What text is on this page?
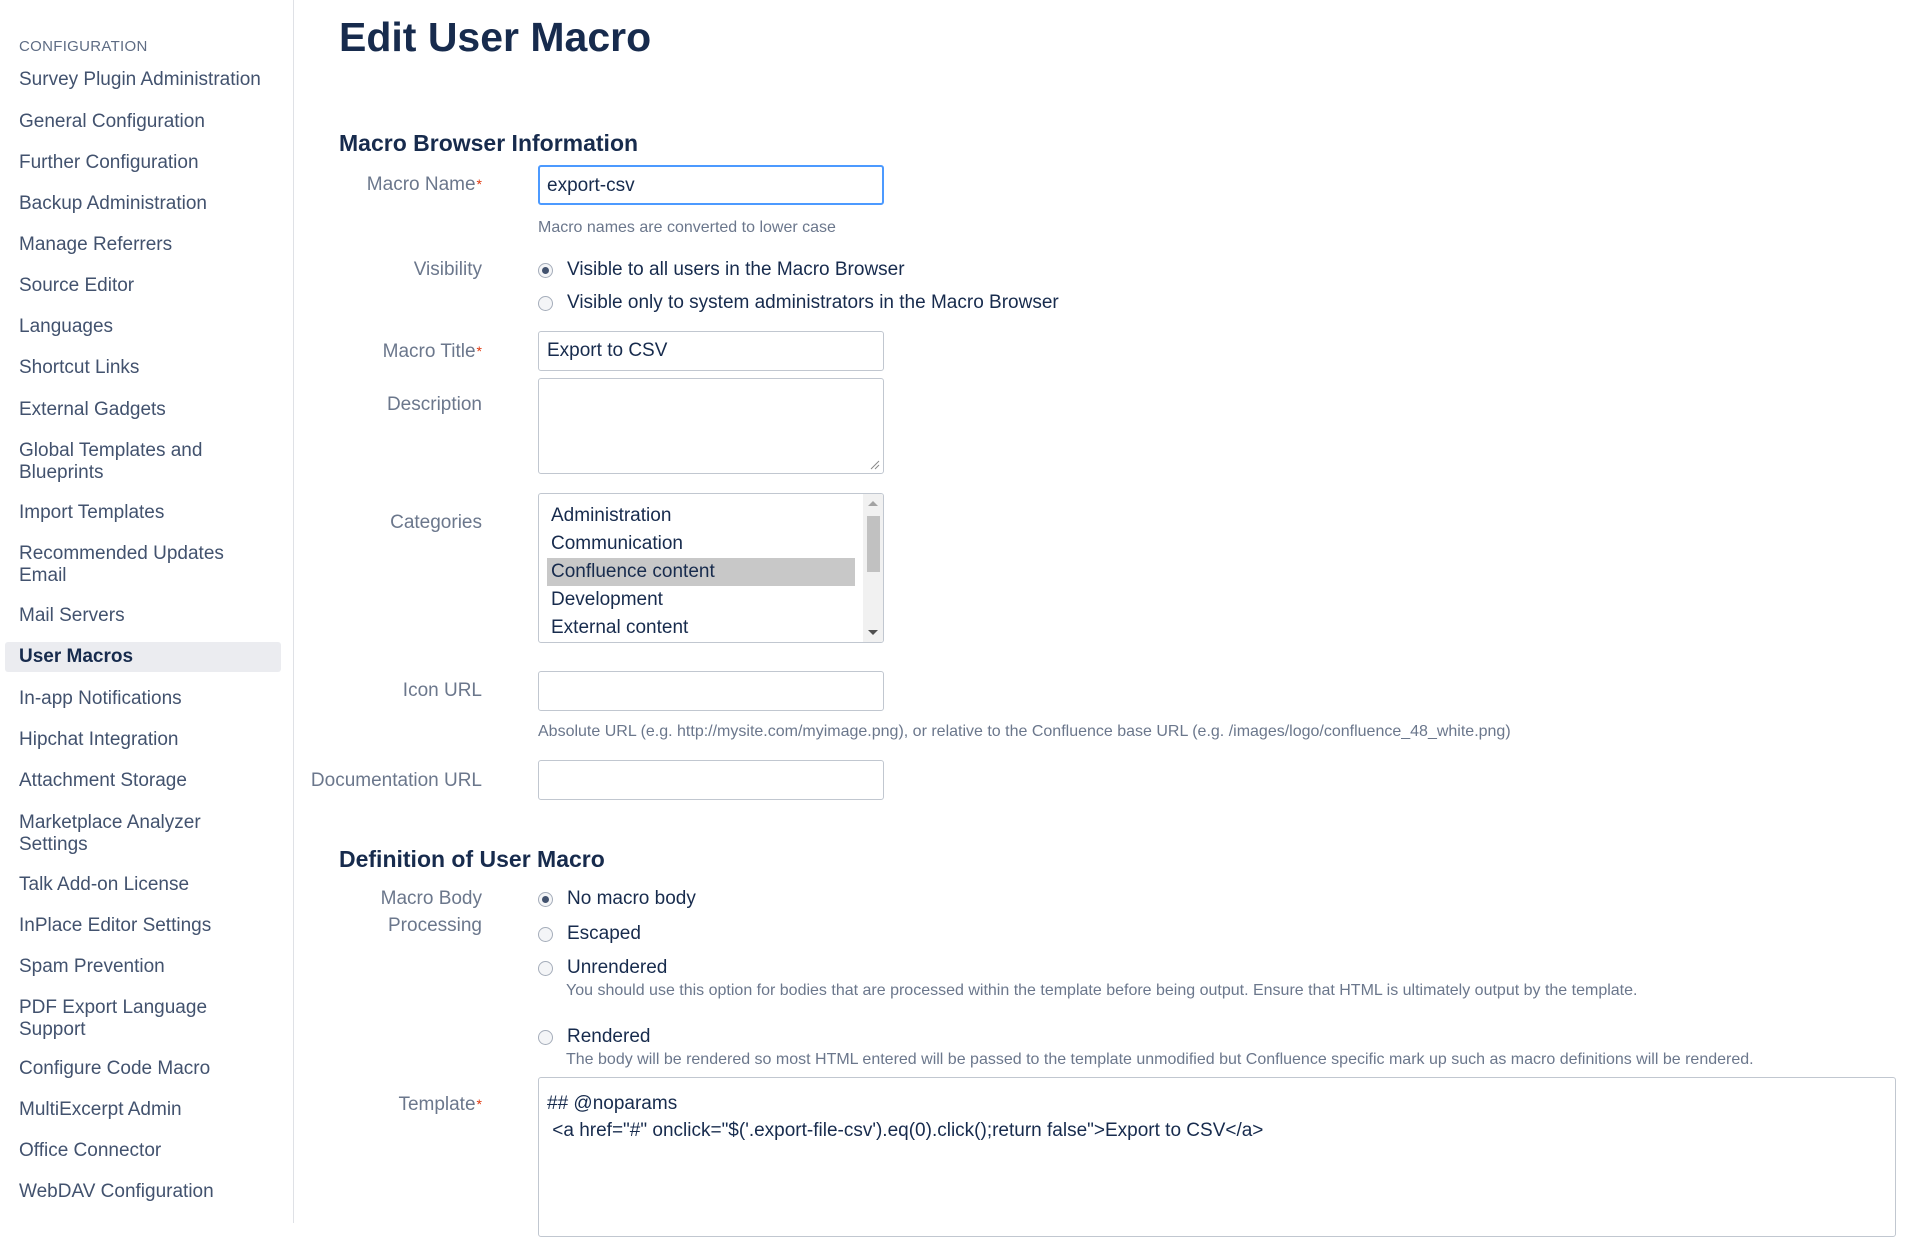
CONFIGURATION
Survey Plugin Administration
General Configuration
Further Configuration
Backup Administration
Manage Referrers
Source Editor
Languages
Shortcut Links
External Gadgets
Global Templates and Blueprints
Import Templates
Recommended Updates Email
Mail Servers
User Macros
In-app Notifications
Hipchat Integration
Attachment Storage
Marketplace Analyzer Settings
Talk Add-on License
InPlace Editor Settings
Spam Prevention
PDF Export Language Support
Configure Code Macro
MultiExcerpt Admin
Office Connector
WebDAV Configuration
Edit User Macro
Macro Browser Information
Macro Name*	export-csv
Macro names are converted to lower case
Visibility	Visible to all users in the Macro Browser
Visible only to system administrators in the Macro Browser
Macro Title*	Export to CSV
Description
Categories	Administration
Communication
Confluence content
Development
External content
Icon URL
Absolute URL (e.g. http://mysite.com/myimage.png), or relative to the Confluence base URL (e.g. /images/logo/confluence_48_white.png)
Documentation URL
Definition of User Macro
Macro Body
Processing
No macro body
Escaped
Unrendered
You should use this option for bodies that are processed within the template before being output. Ensure that HTML is ultimately output by the template.
Rendered
The body will be rendered so most HTML entered will be passed to the template unmodified but Confluence specific mark up such as macro definitions will be rendered.
Template*	## @noparams
<a href="#" onclick="$('.export-file-csv').eq(0).click();return false">Export to CSV</a>
